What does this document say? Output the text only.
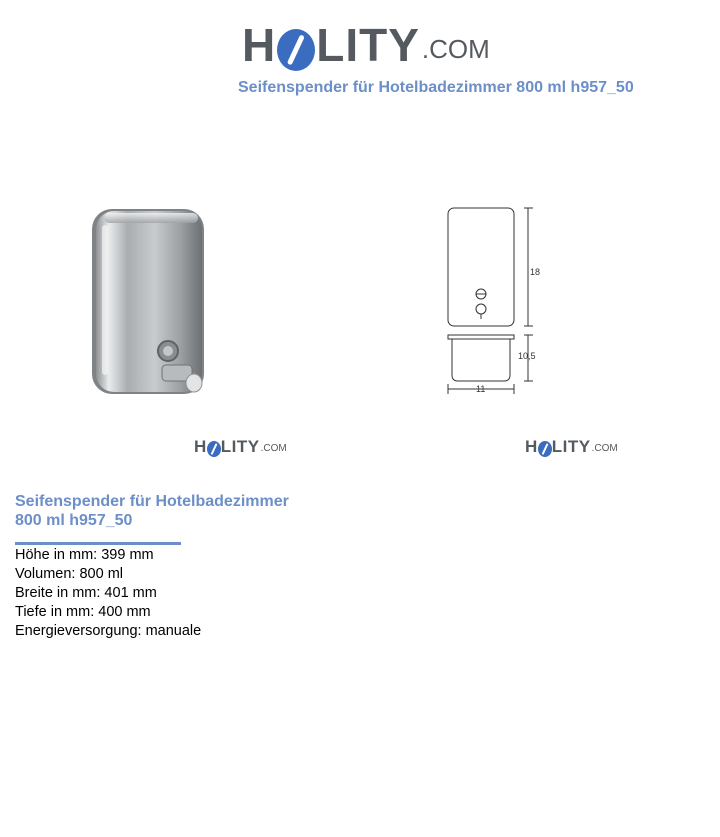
H LITY .COM
Seifenspender für Hotelbadezimmer 800 ml h957_50
18
10,5
11
H LITY .COM	H LITY .COM
Seifenspender für Hotelbadezimmer 800 ml h957_50
Höhe in mm: 399 mm
Volumen: 800 ml
Breite in mm: 401 mm
Tiefe in mm: 400 mm
Energieversorgung: manuale
